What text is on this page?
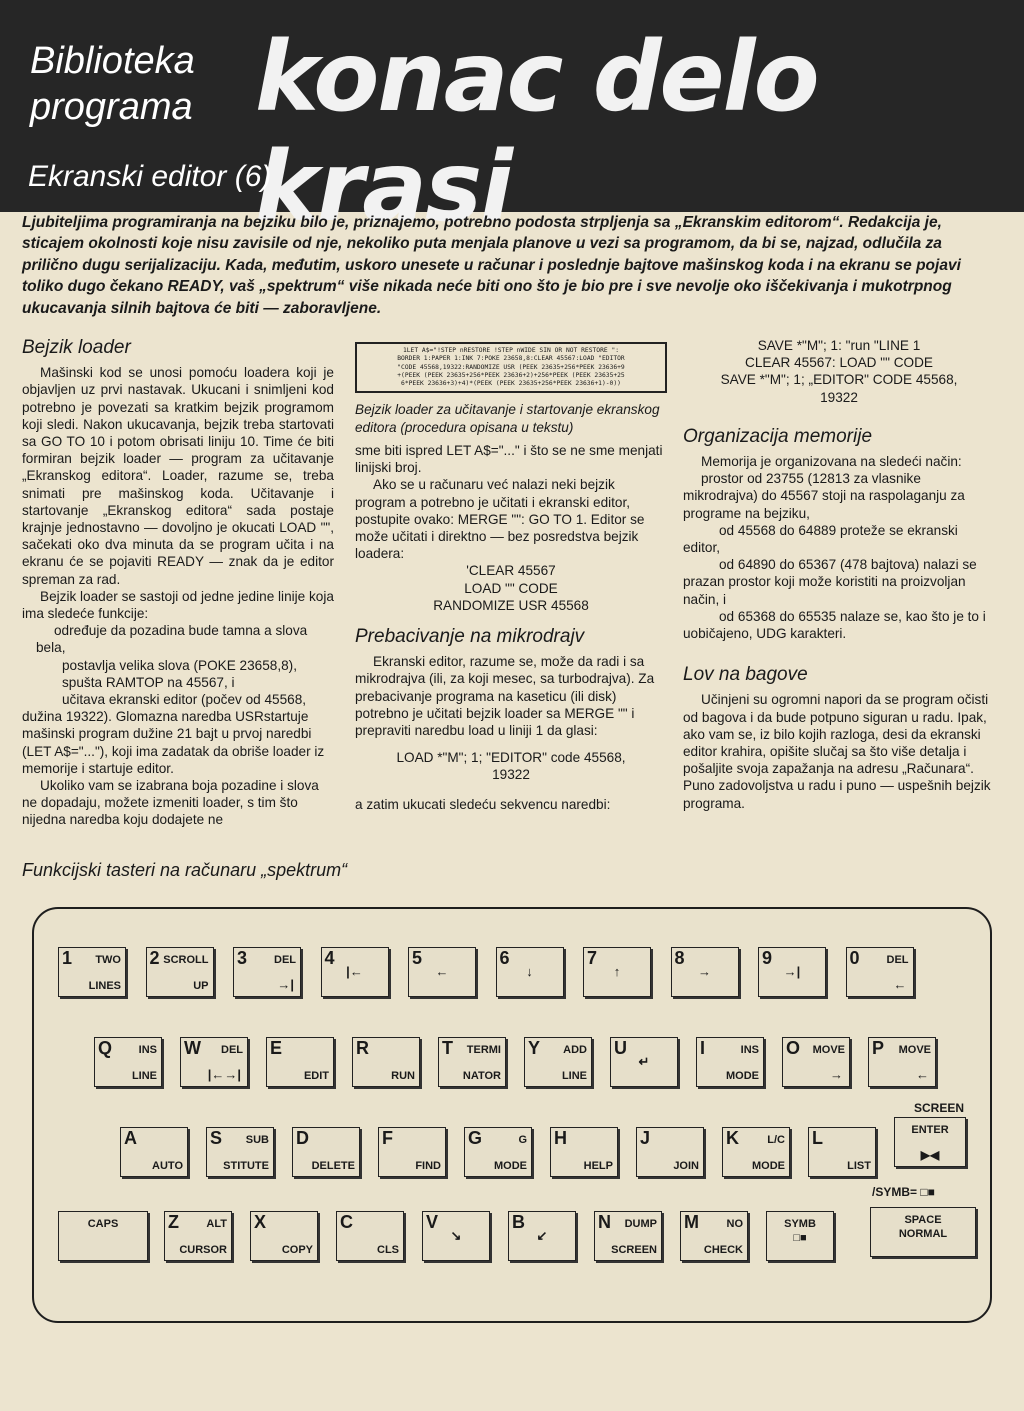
Biblioteka
programa konac delo krasi
Ekranski editor (6)
Ljubiteljima programiranja na bejziku bilo je, priznajemo, potrebno podosta strpljenja sa „Ekranskim editorom“. Redakcija je, sticajem okolnosti koje nisu zavisile od nje, nekoliko puta menjala planove u vezi sa programom, da bi se, najzad, odlučila za prilično dugu serijalizaciju. Kada, međutim, uskoro unesete u računar i poslednje bajtove mašinskog koda i na ekranu se pojavi toliko dugo čekano READY, vaš „spektrum“ više nikada neće biti ono što je bio pre i sve nevolje oko iščekivanja i mukotrpnog ukucavanja silnih bajtova će biti — zaboravljene.
Bejzik loader

Mašinski kod se unosi pomoću loadera koji je objavljen uz prvi nastavak. Ukucani i snimljeni kod potrebno je povezati sa kratkim bejzik programom koji sledi. Nakon ukucavanja, bejzik treba startovati sa GO TO 10 i potom obrisati liniju 10. Time će biti formiran bejzik loader — program za učitavanje „Ekranskog editora“. Loader, razume se, treba snimati pre mašinskog koda. Učitavanje i startovanje „Ekranskog editora“ sada postaje krajnje jednostavno — dovoljno je okucati LOAD "", sačekati oko dva minuta da se program učita i na ekranu će se pojaviti READY — znak da je editor spreman za rad.

Bejzik loader se sastoji od jedne jedine linije koja ima sledeće funkcije:

određuje da pozadina bude tamna a slova bela,

postavlja velika slova (POKE 23658,8), spušta RAMTOP na 45567, i

učitava ekranski editor (počev od 45568, dužina 19322). Glomazna naredba USRstartuje mašinski program dužine 21 bajt u prvoj naredbi (LET A$="..."), koji ima zadatak da obriše loader iz memorije i startuje editor.

Ukoliko vam se izabrana boja pozadine i slova ne dopadaju, možete izmeniti loader, s tim što nijedna naredba koju dodajete ne

1LET A$="!STEP nRESTORE !STEP nWIDE SIN OR NOT RESTORE ":
BORDER 1:PAPER 1:INK 7:POKE 23658,8:CLEAR 45567:LOAD "EDITOR
"CODE 45568,19322:RANDOMIZE USR (PEEK 23635+256*PEEK 23636+9
+(PEEK (PEEK 23635+256*PEEK 23636+2)+256*PEEK (PEEK 23635+25
6*PEEK 23636+3)+4)*(PEEK (PEEK 23635+256*PEEK 23636+1)-0))

Bejzik loader za učitavanje i startovanje ekranskog editora (procedura opisana u tekstu)

sme biti ispred LET A$="..." i što se ne sme menjati linijski broj.

Ako se u računaru već nalazi neki bejzik program a potrebno je učitati i ekranski editor, postupite ovako: MERGE "": GO TO 1. Editor se može učitati i direktno — bez posredstva bejzik loadera:

'CLEAR 45567

LOAD "" CODE

RANDOMIZE USR 45568

Prebacivanje na mikrodrajv

Ekranski editor, razume se, može da radi i sa mikrodrajva (ili, za koji mesec, sa turbodrajva). Za prebacivanje programa na kaseticu (ili disk) potrebno je učitati bejzik loader sa MERGE "" i prepraviti naredbu load u liniji 1 da glasi:

LOAD *"M"; 1; "EDITOR" code 45568,

19322

a zatim ukucati sledeću sekvencu naredbi:

SAVE *"M"; 1: "run "LINE 1

CLEAR 45567: LOAD "" CODE

SAVE *"M"; 1; „EDITOR" CODE 45568,

19322

Organizacija memorije

Memorija je organizovana na sledeći način:

prostor od 23755 (12813 za vlasnike mikrodrajva) do 45567 stoji na raspolaganju za programe na bejziku,

od 45568 do 64889 proteže se ekranski editor,

od 64890 do 65367 (478 bajtova) nalazi se prazan prostor koji može koristiti na proizvoljan način, i

od 65368 do 65535 nalaze se, kao što je to i uobičajeno, UDG karakteri.

Lov na bagove

Učinjeni su ogromni napori da se program očisti od bagova i da bude potpuno siguran u radu. Ipak, ako vam se, iz bilo kojih razloga, desi da ekranski editor krahira, opišite slučaj sa što više detalja i pošaljite svoja zapažanja na adresu „Računara“. Puno zadovoljstva u radu i puno — uspešnih bejzik programa.

Funkcijski tasteri na računaru „spektrum“
SCREEN
/SYMB= □■
ENTER
▶◀
SPACE
NORMAL
1 TWO
LINES
2 SCROLL
UP
3 DEL
→|
4
|←
5
←
6
↓
7
↑
8
→
9
→|
0 DEL
←
Q INS
LINE
W DEL
|←→|
E
EDIT
R
RUN
T TERMI
NATOR
Y ADD
LINE
U
↵
I	INS
MODE
O MOVE
→
P MOVE
←
A
AUTO
S SUB
STITUTE
D
DELETE
F
FIND
G	G
MODE
H
HELP
J
JOIN
K	L/C
MODE
L
LIST
CAPS	Z ALT
CURSOR
X
COPY
C
CLS
V
↘
B
↙
N DUMP
SCREEN
M	NO
CHECK
SYMB
□■
